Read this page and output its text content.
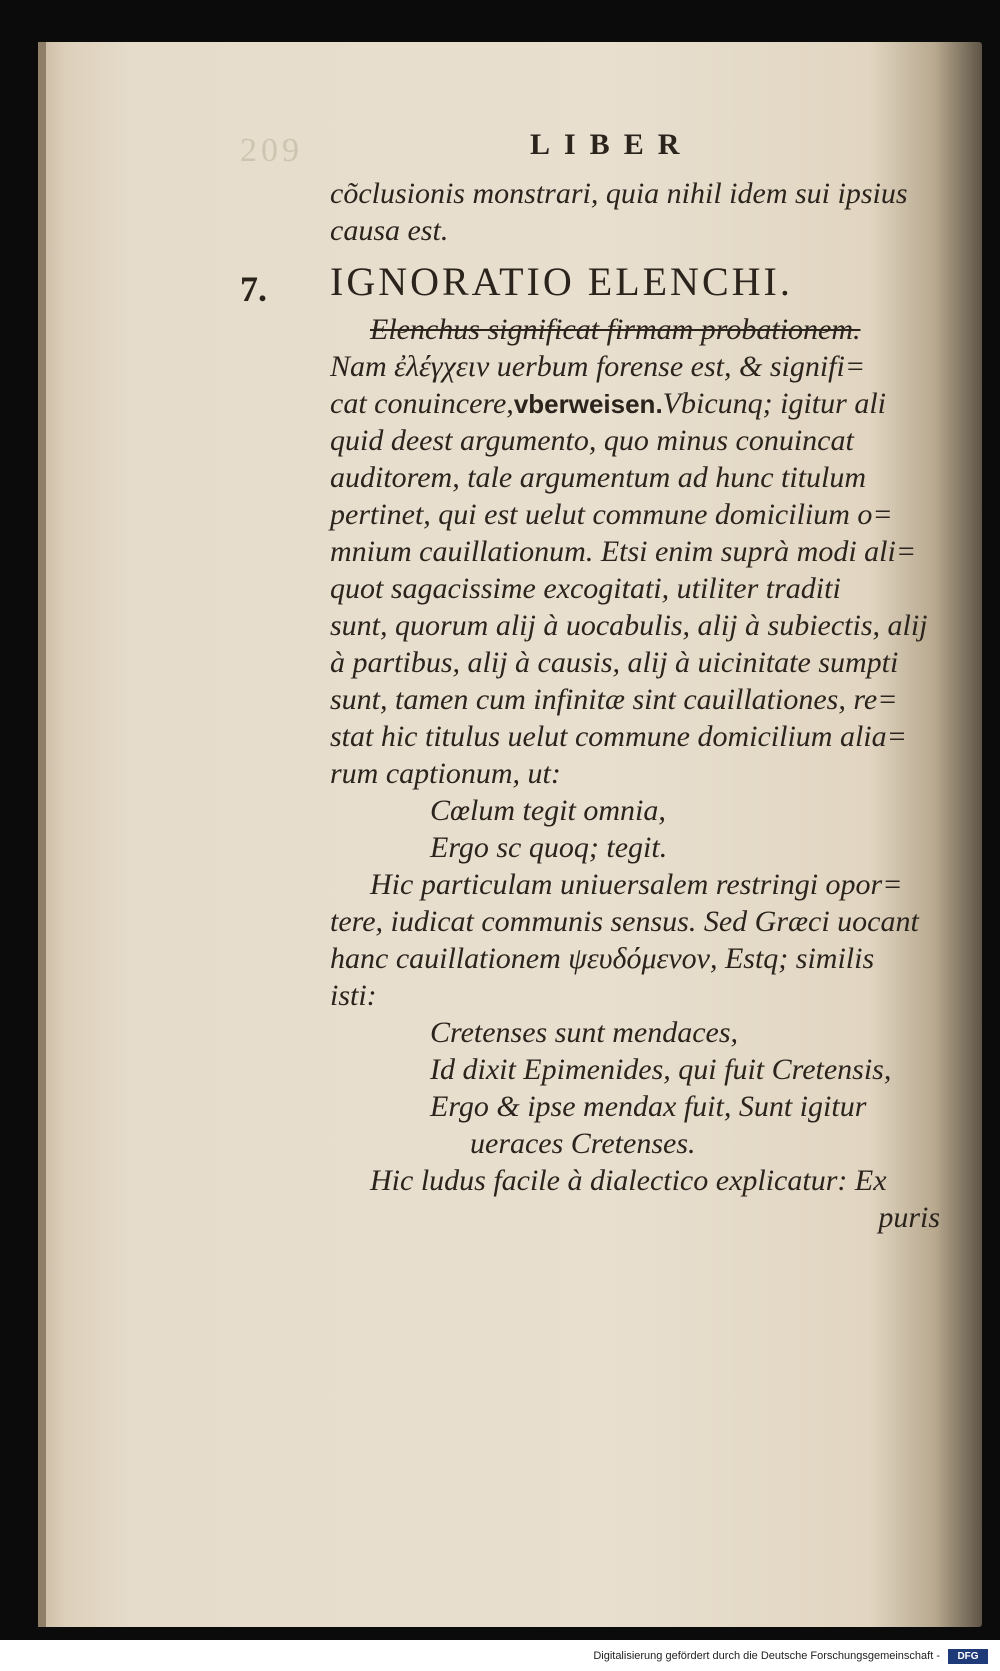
209	LIBER
7.
cõclusionis monstrari, quia nihil idem sui ipsius
causa est.
IGNORATIO ELENCHI.
Elenchus significat firmam probationem.
Nam ἐλέγχειν uerbum forense est, & signifi=
cat conuincere,vberweisen.Vbicunq; igitur ali
quid deest argumento, quo minus conuincat
auditorem, tale argumentum ad hunc titulum
pertinet, qui est uelut commune domicilium o=
mnium cauillationum. Etsi enim suprà modi ali=
quot sagacissime excogitati, utiliter traditi
sunt, quorum alij à uocabulis, alij à subiectis, alij
à partibus, alij à causis, alij à uicinitate sumpti
sunt, tamen cum infinitæ sint cauillationes, re=
stat hic titulus uelut commune domicilium alia=
rum captionum, ut:
Cœlum tegit omnia,
Ergo sc quoq; tegit.
Hic particulam uniuersalem restringi opor=
tere, iudicat communis sensus. Sed Græci uocant
hanc cauillationem ψευδόμενον, Estq; similis
isti:
Cretenses sunt mendaces,
Id dixit Epimenides, qui fuit Cretensis,
Ergo & ipse mendax fuit, Sunt igitur
ueraces Cretenses.
Hic ludus facile à dialectico explicatur: Ex
puris
Digitalisierung gefördert durch die Deutsche Forschungsgemeinschaft -	DFG
